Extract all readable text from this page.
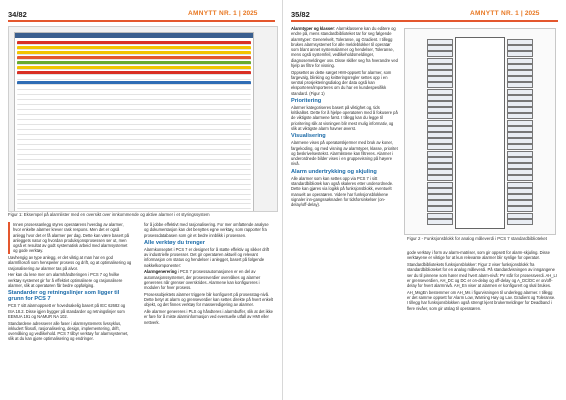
34/82	AMNYTT NR. 1 | 2025
Figur 1: Eksempel på alarmlister med en oversikt over innkommende og aktive alarmer i et styringssystem

Innen prosessanlegg styres operatørens hverdag av alarmer, hvor enkelte alarmer krever rask respons. Men det er også anlegg hvor det er få alarmer per dag. Dette kan være basert på anleggets natur og hvordan produksjonsprosessen ser ut, men også et resultat av godt systematisk arbeid med alarmsystemet og gode verktøy.

Uavhengig av type anlegg, er det viktig at man har en god alarmfilosofi som henspeiler prosess og drift, og at optimalisering og rasjonalisering av alarmer tas på alvor.

Her kan du lese mer om alarmhåndteringen i PCS 7 og hvilke verktøy systemet gir for å effektivt optimalisere og rasjonalisere alarmer, slik at operatøren får bedre oppfølging.

Standarder og retningslinjer som ligger til grunn for PCS 7

PCS 7 sitt alarmoppsett er hovedsakelig basert på IEC 62682 og ISA 18.2. Disse igjen bygger på standarder og retningslinjer som EEMUA 191 og NAMUR NA 102.

Standardene adresserer alle faser i alarmsystemets livssyklus, inkludert filosofi, rasjonalisering, design, implementering, drift, overvåking og vedlikehold. PCS 7 tilbyr verktøy for alarmsystemet, slik at du kan gjøre optimalisering og endringer.

for å jobbe effektivt med rasjonalisering. For mer omfattende analyse og dokumentasjon kan det benyttes egne verktøy, som rapporter fra prosessdatabasen som gir et bedre innblikk i prosessen.

Alle verktøy du trenger

Alarmkonseptet i PCS 7 er designet for å støtte effektiv og sikker drift av industrielle prosesser. Det gir operatøren aktuell og relevant informasjon om status og hendelser i anlegget, basert på følgende nøkkelkomponenter:

Alarmgenerering i PCS 7 prosessautomasjonen er en del av automasjonssystemet, der prosessverdier overvåkes og alarmer genereres når grenser overskrides. Alarmene kan konfigureres i modulen for hver prosess.

Prosessobjektets alarmer triggere blir konfigurert på prosesstag-nivå. Dette betyr at alarm og grenseverdier kan settes direkte på hvert enkelt objekt, og det finnes verktøy for masseredigering av alarmer.

Alle alarmer genereres i PLS og håndteres i alarmbuffer, slik at det ikke er fare for å miste alarminformasjon ved eventuelle utfall av HMI eller nettverk.

35/82	AMNYTT NR. 1 | 2025

Alarmtyper og klasser: Alarmklassene kan du editere og endre på, mens standardbiblioteket tar for seg følgende alarmtyper: Generelvelt, Toleranse, og Gradient. I tillegg brukes alarmsystemet for alle meldeblokker til operatør som blant annet systemalarmer og hendelser, Toleranse, mens også systemfeil, vedlikeholdsmeldinger, diagnosemeldinger osv. Disse skiller seg fra hverandre ved hjelp av filtre for visning.

Oppsettet av dette sørget HMI-oppsett for alarmer, som fargevalg, blinking og kvitteringsregler settes opp i en sentral prosjekteringsdialog der data også kan eksporteres/importeres om du har en kundespesifikk standard. (Figur 1)

Prioritering

Alarmer kategoriseres basert på viktighet og, tids kritikalitet. Dette for å hjelpe operatøren med å fokusere på de viktigste alarmene først. I tillegg kan du legge til prioritering slik at visningen blir mest mulig informativ, og slik at viktigste alarm havner øverst.

Visualisering

Alarmene vises på operatørskjermer med bruk av koner, fargekoding, og med visning av alarmtyper, klasse, prioritet og beskrivelsestekst. Alarmlistene kan filtreres. Alarmer i underordnede bilder vises i en gruppevisning på høyere nivå.

Alarm undertrykking og skjuling

Alle alarmer som kan settes opp via PCS 7 i sitt standardbibliotek kan også skaleres etter underordnede. Dette kan gjøres via logikk på funksjonsblokk, eventuelt manuelt av operatøren. Videre har funksjonsblokkene signaler inn-gangssøknaden for tidsforsinkelser (on-delay/off-delay).

Figur 2 - Funksjonsblokk for analog måleverdi i PCS 7 standardbiblioteket

gode verktøy i form av alarm-matriser, som gir oppsett for alarm-skjuling. Disse verktøyene er viktige for at kun relevante alarmer blir synlige for operatør.

Standardbibliotekets funksjonsblokker: Figur 2 viser funksjonsblokk fra standardbiblioteket for en analog måleverdi. På standardvisningen av inngangene ser du til pinnene som hører med hvert alarm-nivå: PV står for prosessverdi. AH_LI er grenseverdien, AH_DC og DC er on-delay og off-delay og A_DC/DC er on/off-delay for hvert alarmnivå. AH_En viser at alarmen er konfigurert og skal brukes.

AH_MsgEn bestemmer om AH_Ms i figurvisningen til underlegg alarmer. I tillegg er det samme oppsett for Alarm Low, Warning Høy og Lav. Gradient og Toleranse. I tillegg har funksjonsblokken også strengt kjent brukermeldinger for Deadband i flere nivåer, som gir utslag til operatøren.
